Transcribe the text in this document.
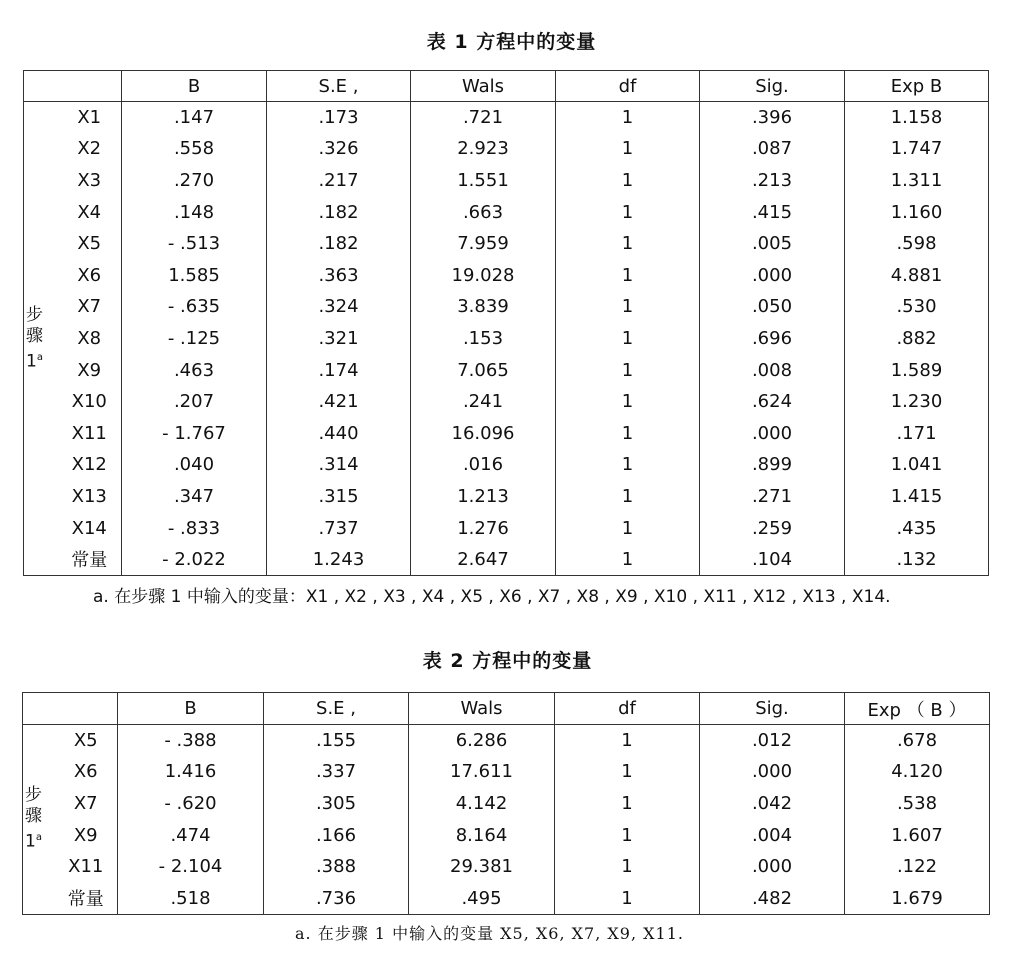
表 1 方程中的变量
		B	S.E ,	Wals	df	Sig.	Exp B
步
骤
1$^a$	X1	.147	.173	.721	1	.396	1.158
	X2	.558	.326	2.923	1	.087	1.747
	X3	.270	.217	1.551	1	.213	1.311
	X4	.148	.182	.663	1	.415	1.160
	X5	- .513	.182	7.959	1	.005	.598
	X6	1.585	.363	19.028	1	.000	4.881
	X7	- .635	.324	3.839	1	.050	.530
	X8	- .125	.321	.153	1	.696	.882
	X9	.463	.174	7.065	1	.008	1.589
	X10	.207	.421	.241	1	.624	1.230
	X11	- 1.767	.440	16.096	1	.000	.171
	X12	.040	.314	.016	1	.899	1.041
	X13	.347	.315	1.213	1	.271	1.415
	X14	- .833	.737	1.276	1	.259	.435
	常量	- 2.022	1.243	2.647	1	.104	.132
a. 在步骤 1 中输入的变量：X1 , X2 , X3 , X4 , X5 , X6 , X7 , X8 , X9 , X10 , X11 , X12 , X13 , X14.
表 2 方程中的变量
		B	S.E ,	Wals	df	Sig.	Exp （ B ）
步
骤
1$^a$	X5	- .388	.155	6.286	1	.012	.678
	X6	1.416	.337	17.611	1	.000	4.120
	X7	- .620	.305	4.142	1	.042	.538
	X9	.474	.166	8.164	1	.004	1.607
	X11	- 2.104	.388	29.381	1	.000	.122
	常量	.518	.736	.495	1	.482	1.679
a. 在步骤 1 中输入的变量 X5, X6, X7, X9, X11.
